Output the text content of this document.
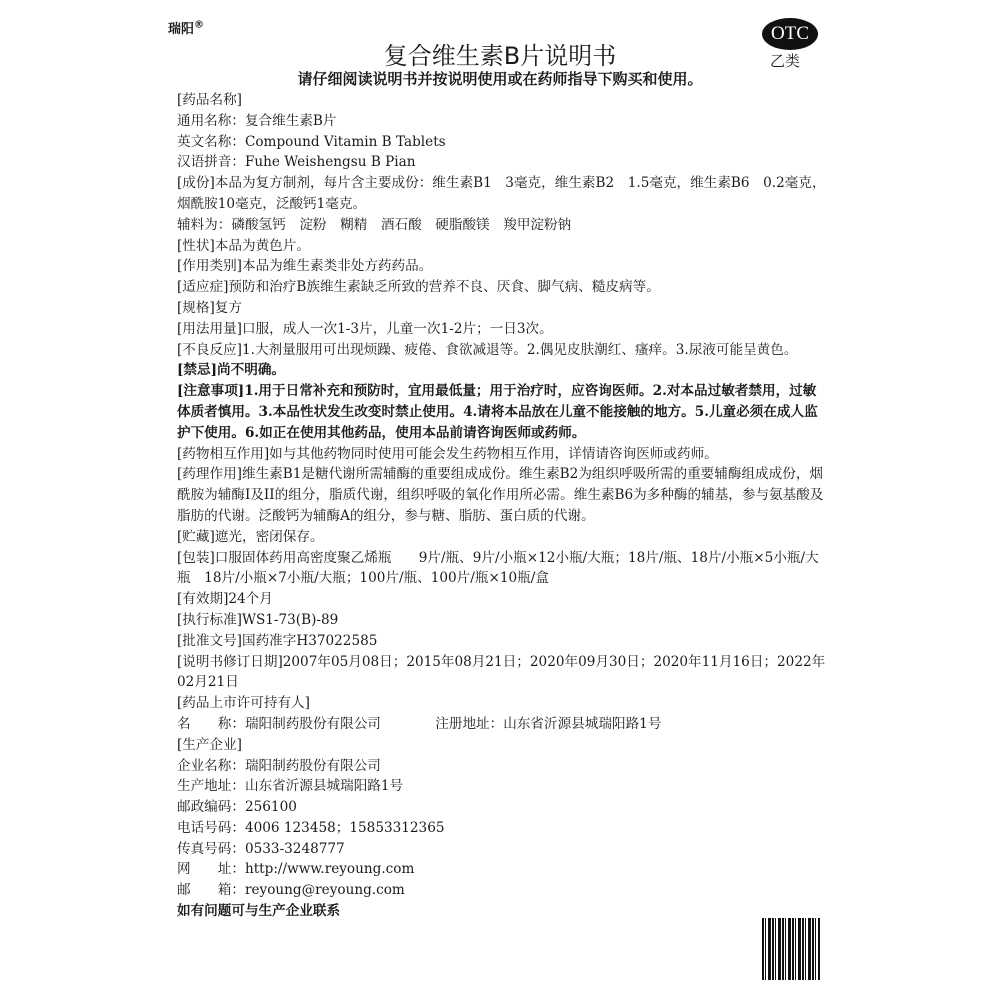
瑞阳®	OTC
乙类
复合维生素B片说明书
请仔细阅读说明书并按说明使用或在药师指导下购买和使用。

[药品名称]

通用名称：复合维生素B片

英文名称：Compound Vitamin B Tablets

汉语拼音：Fuhe Weishengsu B Pian

[成份]本品为复方制剂，每片含主要成份：维生素B1　3毫克，维生素B2　1.5毫克，维生素B6　0.2毫克，烟酰胺10毫克，泛酸钙1毫克。

辅料为：磷酸氢钙　淀粉　糊精　酒石酸　硬脂酸镁　羧甲淀粉钠

[性状]本品为黄色片。

[作用类别]本品为维生素类非处方药药品。

[适应症]预防和治疗B族维生素缺乏所致的营养不良、厌食、脚气病、糙皮病等。

[规格]复方

[用法用量]口服，成人一次1-3片，儿童一次1-2片；一日3次。

[不良反应]1.大剂量服用可出现烦躁、疲倦、食欲减退等。2.偶见皮肤潮红、瘙痒。3.尿液可能呈黄色。

[禁忌]尚不明确。

[注意事项]1.用于日常补充和预防时，宜用最低量；用于治疗时，应咨询医师。2.对本品过敏者禁用，过敏体质者慎用。3.本品性状发生改变时禁止使用。4.请将本品放在儿童不能接触的地方。5.儿童必须在成人监护下使用。6.如正在使用其他药品，使用本品前请咨询医师或药师。

[药物相互作用]如与其他药物同时使用可能会发生药物相互作用，详情请咨询医师或药师。

[药理作用]维生素B1是糖代谢所需辅酶的重要组成成份。维生素B2为组织呼吸所需的重要辅酶组成成份，烟酰胺为辅酶I及II的组分，脂质代谢，组织呼吸的氧化作用所必需。维生素B6为多种酶的辅基，参与氨基酸及脂肪的代谢。泛酸钙为辅酶A的组分，参与糖、脂肪、蛋白质的代谢。

[贮藏]遮光，密闭保存。

[包装]口服固体药用高密度聚乙烯瓶　　9片/瓶、9片/小瓶×12小瓶/大瓶；18片/瓶、18片/小瓶×5小瓶/大瓶　18片/小瓶×7小瓶/大瓶；100片/瓶、100片/瓶×10瓶/盒

[有效期]24个月

[执行标准]WS1-73(B)-89

[批准文号]国药准字H37022585

[说明书修订日期]2007年05月08日；2015年08月21日；2020年09月30日；2020年11月16日；2022年02月21日

[药品上市许可持有人]

名　　称：瑞阳制药股份有限公司　　　　注册地址：山东省沂源县城瑞阳路1号

[生产企业]

企业名称：瑞阳制药股份有限公司

生产地址：山东省沂源县城瑞阳路1号

邮政编码：256100

电话号码：4006 123458；15853312365

传真号码：0533-3248777

网　　址：http://www.reyoung.com

邮　　箱：reyoung@reyoung.com

如有问题可与生产企业联系
